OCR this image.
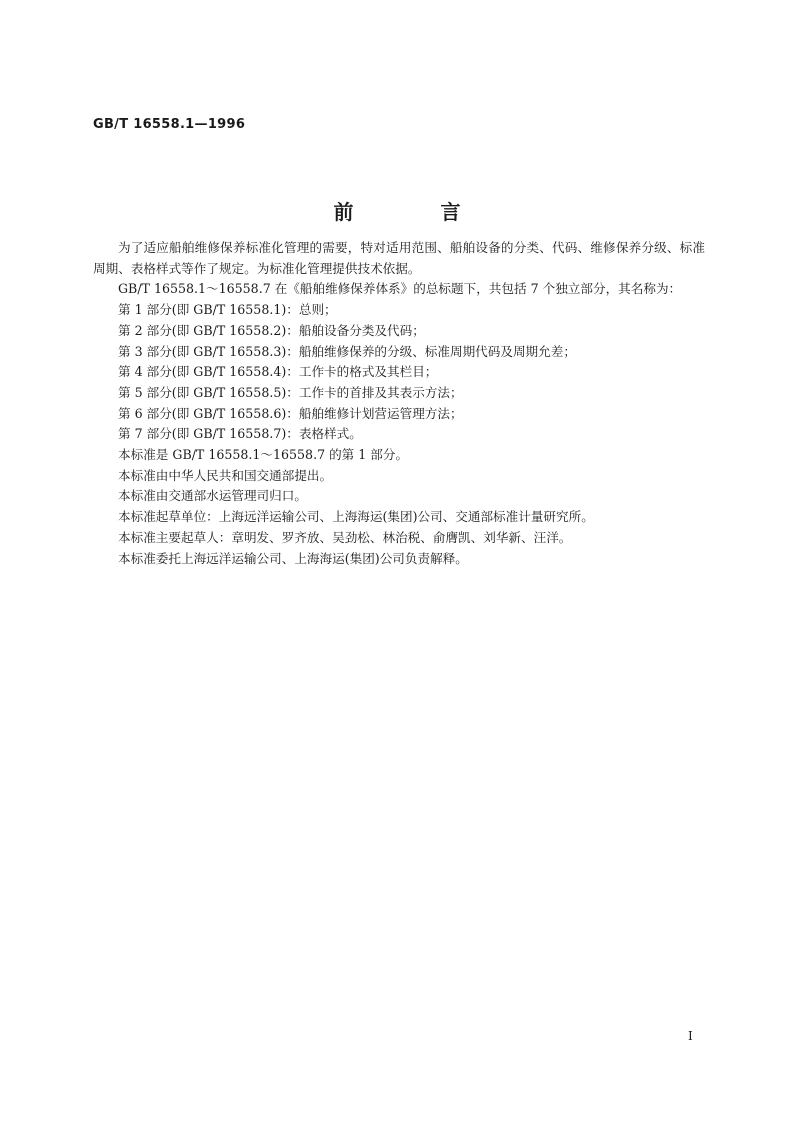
GB/T 16558.1—1996
前 言

为了适应船舶维修保养标准化管理的需要，特对适用范围、船舶设备的分类、代码、维修保养分级、标准周期、表格样式等作了规定。为标准化管理提供技术依据。

GB/T 16558.1～16558.7 在《船舶维修保养体系》的总标题下，共包括 7 个独立部分，其名称为：

第 1 部分(即 GB/T 16558.1)：总则；

第 2 部分(即 GB/T 16558.2)：船舶设备分类及代码；

第 3 部分(即 GB/T 16558.3)：船舶维修保养的分级、标准周期代码及周期允差；

第 4 部分(即 GB/T 16558.4)：工作卡的格式及其栏目；

第 5 部分(即 GB/T 16558.5)：工作卡的首排及其表示方法；

第 6 部分(即 GB/T 16558.6)：船舶维修计划营运管理方法；

第 7 部分(即 GB/T 16558.7)：表格样式。

本标准是 GB/T 16558.1～16558.7 的第 1 部分。

本标准由中华人民共和国交通部提出。

本标准由交通部水运管理司归口。

本标准起草单位：上海远洋运输公司、上海海运(集团)公司、交通部标准计量研究所。

本标准主要起草人：章明发、罗齐放、吴劲松、林治税、俞膺凯、刘华新、汪洋。

本标准委托上海远洋运输公司、上海海运(集团)公司负责解释。

I
